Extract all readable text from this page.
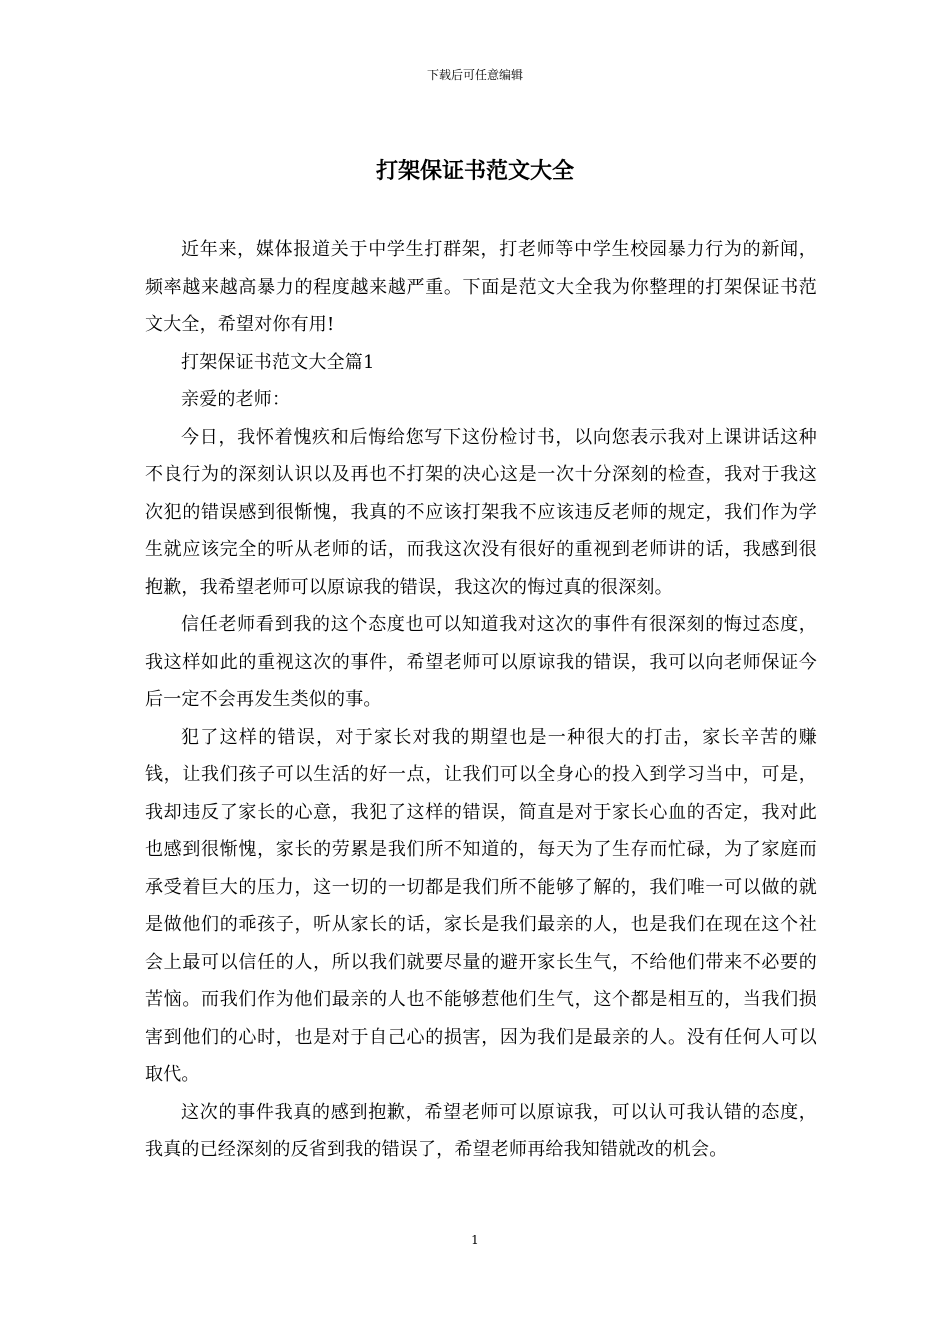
下载后可任意编辑
打架保证书范文大全

近年来，媒体报道关于中学生打群架，打老师等中学生校园暴力行为的新闻，频率越来越高暴力的程度越来越严重。下面是范文大全我为你整理的打架保证书范文大全，希望对你有用!

打架保证书范文大全篇1

亲爱的老师：

今日，我怀着愧疚和后悔给您写下这份检讨书，以向您表示我对上课讲话这种不良行为的深刻认识以及再也不打架的决心这是一次十分深刻的检查，我对于我这次犯的错误感到很惭愧，我真的不应该打架我不应该违反老师的规定，我们作为学生就应该完全的听从老师的话，而我这次没有很好的重视到老师讲的话，我感到很抱歉，我希望老师可以原谅我的错误，我这次的悔过真的很深刻。

信任老师看到我的这个态度也可以知道我对这次的事件有很深刻的悔过态度，我这样如此的重视这次的事件，希望老师可以原谅我的错误，我可以向老师保证今后一定不会再发生类似的事。

犯了这样的错误，对于家长对我的期望也是一种很大的打击，家长辛苦的赚钱，让我们孩子可以生活的好一点，让我们可以全身心的投入到学习当中，可是，我却违反了家长的心意，我犯了这样的错误，简直是对于家长心血的否定，我对此也感到很惭愧，家长的劳累是我们所不知道的，每天为了生存而忙碌，为了家庭而承受着巨大的压力，这一切的一切都是我们所不能够了解的，我们唯一可以做的就是做他们的乖孩子，听从家长的话，家长是我们最亲的人，也是我们在现在这个社会上最可以信任的人，所以我们就要尽量的避开家长生气，不给他们带来不必要的苦恼。而我们作为他们最亲的人也不能够惹他们生气，这个都是相互的，当我们损害到他们的心时，也是对于自己心的损害，因为我们是最亲的人。没有任何人可以取代。

这次的事件我真的感到抱歉，希望老师可以原谅我，可以认可我认错的态度，我真的已经深刻的反省到我的错误了，希望老师再给我知错就改的机会。

1
